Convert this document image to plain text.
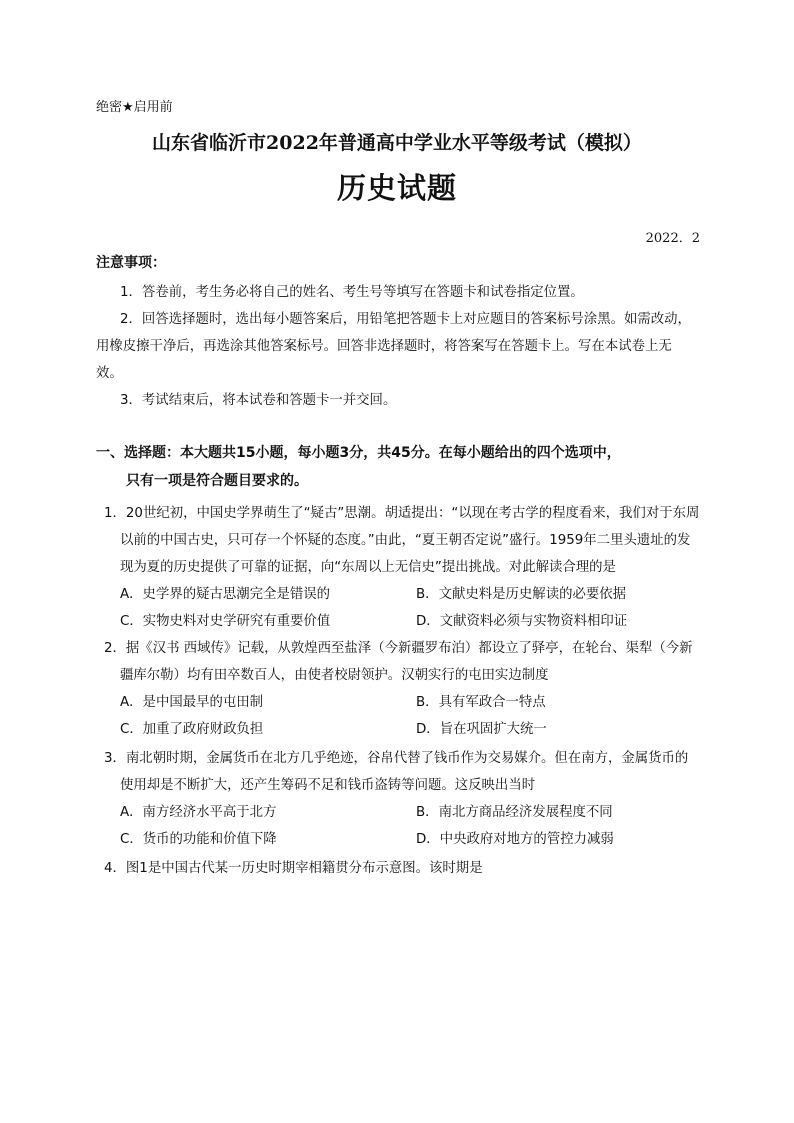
绝密★启用前
山东省临沂市2022年普通高中学业水平等级考试（模拟）
历史试题
2022．2
注意事项：
1．答卷前，考生务必将自己的姓名、考生号等填写在答题卡和试卷指定位置。
2．回答选择题时，选出每小题答案后，用铅笔把答题卡上对应题目的答案标号涂黑。如需改动，用橡皮擦干净后，再选涂其他答案标号。回答非选择题时，将答案写在答题卡上。写在本试卷上无效。
3．考试结束后，将本试卷和答题卡一并交回。
一、选择题：本大题共15小题，每小题3分，共45分。在每小题给出的四个选项中，
只有一项是符合题目要求的。
1．20世纪初，中国史学界萌生了“疑古”思潮。胡适提出：“以现在考古学的程度看来，我们对于东周以前的中国古史，只可存一个怀疑的态度。”由此，“夏王朝否定说”盛行。1959年二里头遗址的发现为夏的历史提供了可靠的证据，向“东周以上无信史”提出挑战。对此解读合理的是
A．史学界的疑古思潮完全是错误的	B．文献史料是历史解读的必要依据
C．实物史料对史学研究有重要价值	D．文献资料必须与实物资料相印证
2．据《汉书 西域传》记载，从敦煌西至盐泽（今新疆罗布泊）都设立了驿亭，在轮台、渠犁（今新疆库尔勒）均有田卒数百人，由使者校尉领护。汉朝实行的屯田实边制度
A．是中国最早的屯田制	B．具有军政合一特点
C．加重了政府财政负担	D．旨在巩固扩大统一
3．南北朝时期，金属货币在北方几乎绝迹，谷帛代替了钱币作为交易媒介。但在南方，金属货币的使用却是不断扩大，还产生筹码不足和钱币盗铸等问题。这反映出当时
A．南方经济水平高于北方	B．南北方商品经济发展程度不同
C．货币的功能和价值下降	D．中央政府对地方的管控力减弱
4．图1是中国古代某一历史时期宰相籍贯分布示意图。该时期是
